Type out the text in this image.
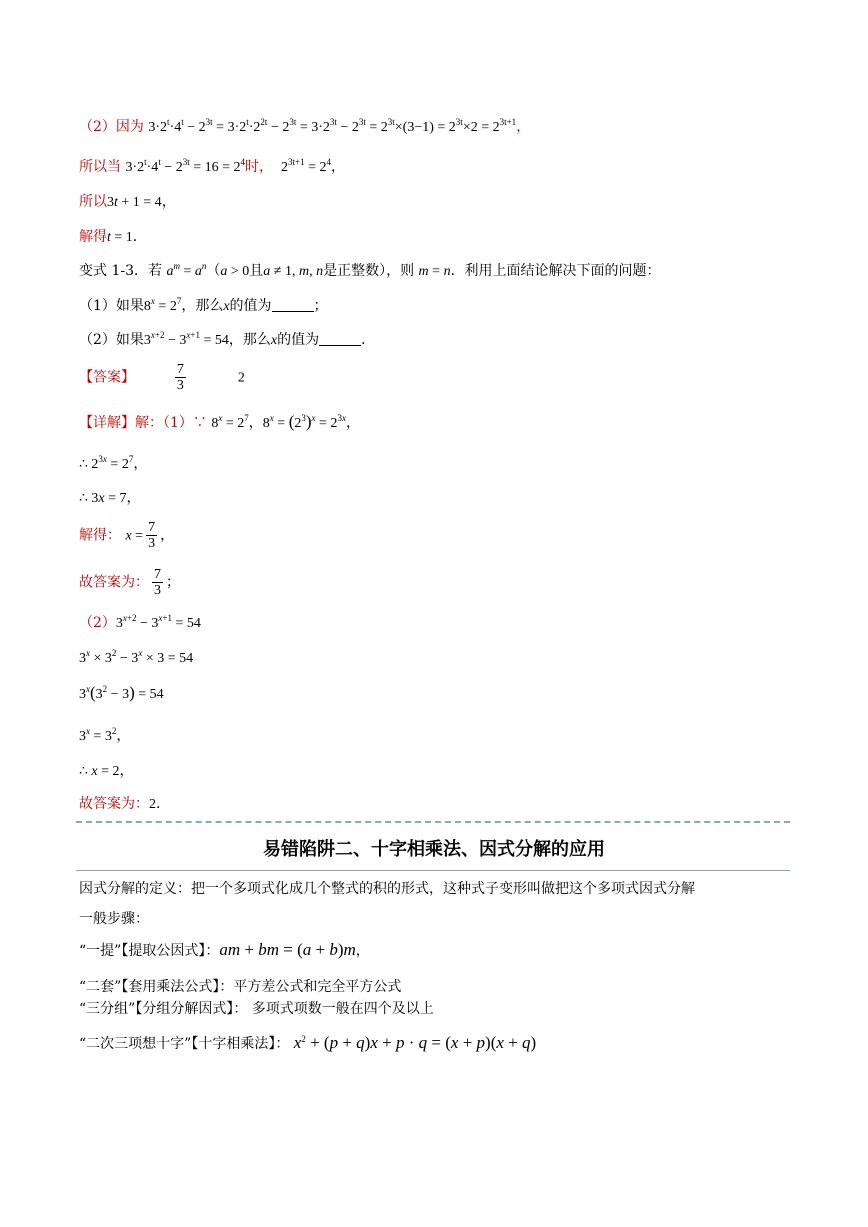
（2）因为 $3\cdot 2^t\cdot 4^t - 2^{3t} = 3\cdot 2^t\cdot 2^{2t} - 2^{3t} = 3\cdot 2^{3t} - 2^{3t} = 2^{3t}\times(3-1) = 2^{3t}\times 2 = 2^{3t+1}$，
所以当 $3\cdot 2^t\cdot 4^t - 2^{3t} = 16 = 2^4$时，  $2^{3t+1} = 2^4$，
所以3t + 1 = 4，
解得t = 1．
变式 1-3．若 $a^m = a^n(a > 0$且a ≠ 1, m, n是正整数），则 m = n．利用上面结论解决下面的问题：
（1）如果$8^x = 2^7$，那么x的值为	；
（2）如果$3^{x+2} - 3^{x+1} = 54$，那么x的值为	．
【答案】	$\frac{7}{3}$	2
【详解】解：（1）∵ $8^x = 2^7$，$8^x = (2^3)^x = 2^{3x}$，
∴ $2^{3x} = 2^7$，
∴ 3x = 7，
解得： $x = \frac{7}{3}$ ，
故答案为： $\frac{7}{3}$ ；
$(2)3^{x+2} - 3^{x+1} = 54$
$3^x \times 3^2 - 3^x \times 3 = 54$
$3^x(3^2 - 3) = 54$
$3^x = 3^2$，
∴ x = 2，
故答案为：2．
易错陷阱二、十字相乘法、因式分解的应用
因式分解的定义：把一个多项式化成几个整式的积的形式，这种式子变形叫做把这个多项式因式分解
一般步骤：
“一提”【提取公因式】：am + bm = (a + b)m，
“二套”【套用乘法公式】：平方差公式和完全平方公式
“三分组”【分组分解因式】： 多项式项数一般在四个及以上
“二次三项想十字”【十字相乘法】： $x^2 + (p + q)x + p \cdot q = (x + p)(x + q)$
